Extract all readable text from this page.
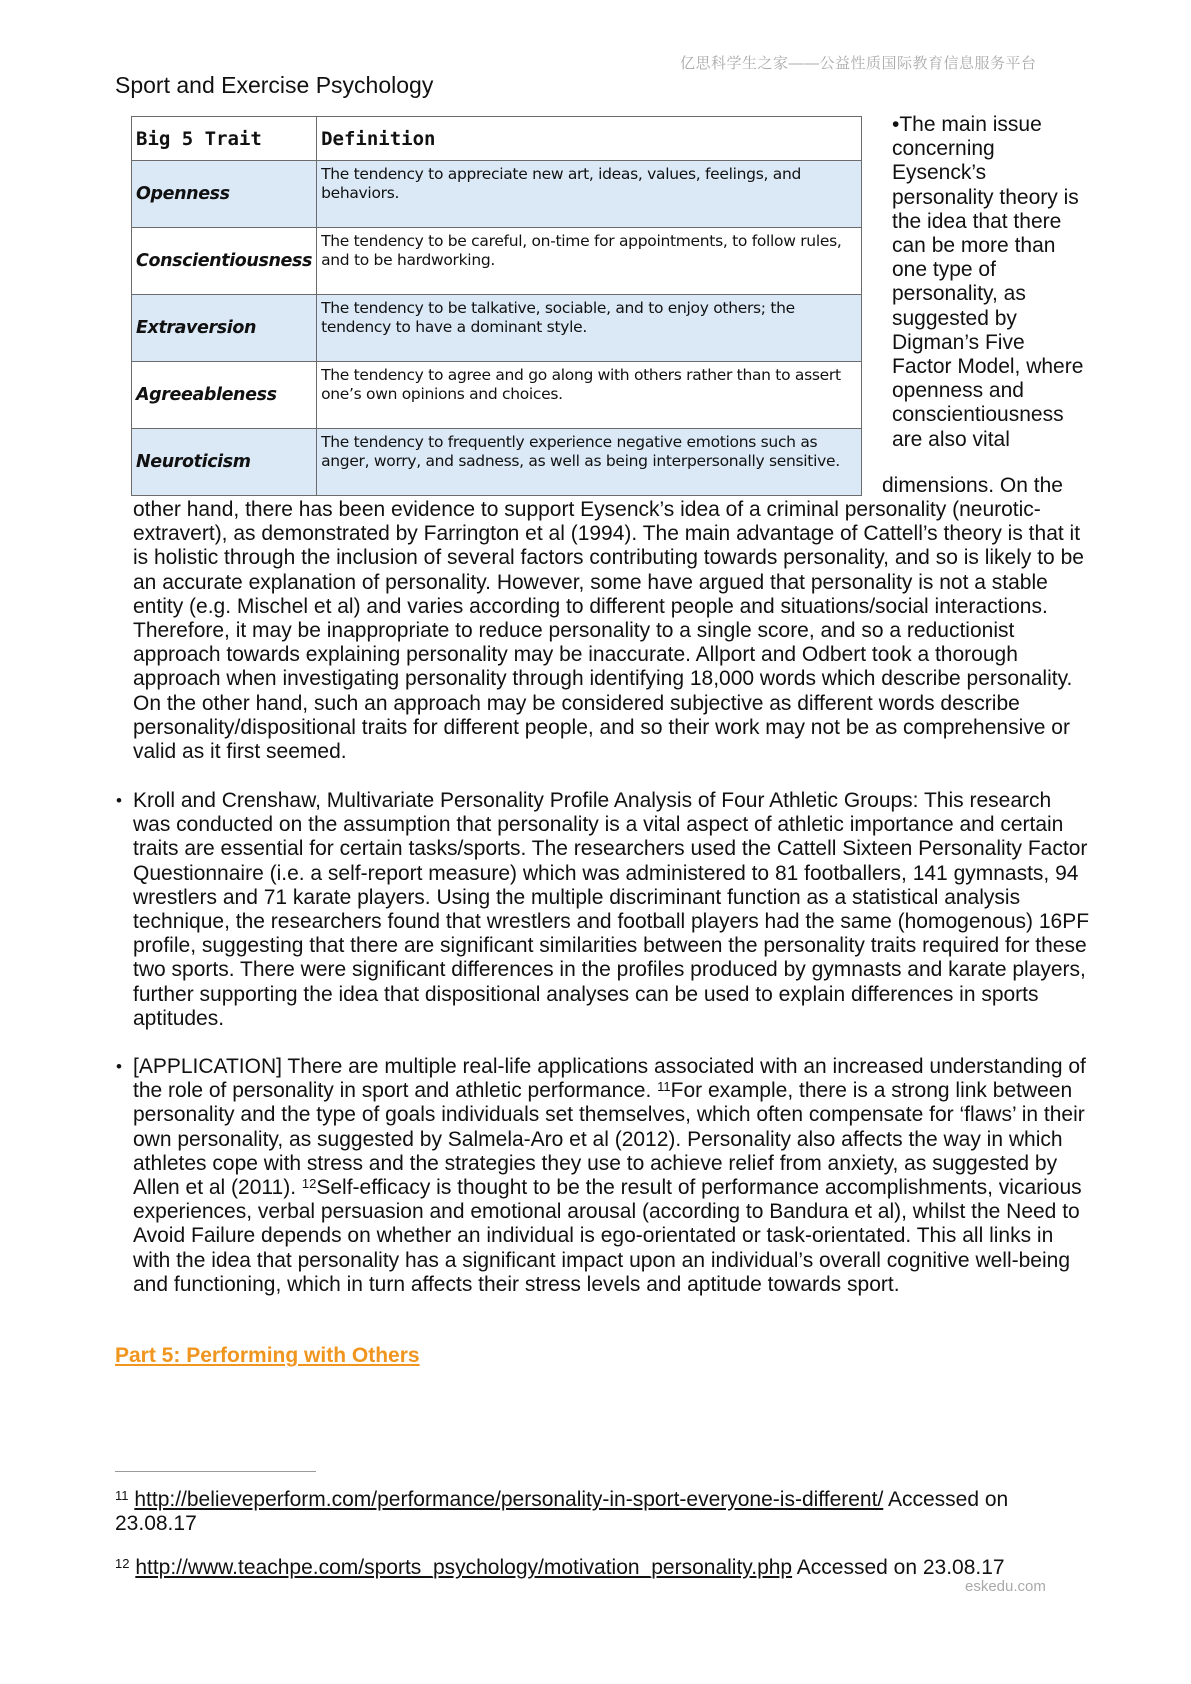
亿思科学生之家——公益性质国际教育信息服务平台
Sport and Exercise Psychology
Big 5 Trait	Definition
Openness	The tendency to appreciate new art, ideas, values, feelings, and behaviors.
Conscientiousness	The tendency to be careful, on-time for appointments, to follow rules, and to be hardworking.
Extraversion	The tendency to be talkative, sociable, and to enjoy others; the tendency to have a dominant style.
Agreeableness	The tendency to agree and go along with others rather than to assert one’s own opinions and choices.
Neuroticism	The tendency to frequently experience negative emotions such as anger, worry, and sadness, as well as being interpersonally sensitive.
•The main issue concerning Eysenck’s personality theory is the idea that there can be more than one type of personality, as suggested by Digman’s Five Factor Model, where openness and conscientiousness are also vital
dimensions. On the
other hand, there has been evidence to support Eysenck’s idea of a criminal personality (neurotic-extravert), as demonstrated by Farrington et al (1994). The main advantage of Cattell’s theory is that it is holistic through the inclusion of several factors contributing towards personality, and so is likely to be an accurate explanation of personality. However, some have argued that personality is not a stable entity (e.g. Mischel et al) and varies according to different people and situations/social interactions. Therefore, it may be inappropriate to reduce personality to a single score, and so a reductionist approach towards explaining personality may be inaccurate. Allport and Odbert took a thorough approach when investigating personality through identifying 18,000 words which describe personality. On the other hand, such an approach may be considered subjective as different words describe personality/dispositional traits for different people, and so their work may not be as comprehensive or valid as it first seemed.
• Kroll and Crenshaw, Multivariate Personality Profile Analysis of Four Athletic Groups: This research was conducted on the assumption that personality is a vital aspect of athletic importance and certain traits are essential for certain tasks/sports. The researchers used the Cattell Sixteen Personality Factor Questionnaire (i.e. a self-report measure) which was administered to 81 footballers, 141 gymnasts, 94 wrestlers and 71 karate players. Using the multiple discriminant function as a statistical analysis technique, the researchers found that wrestlers and football players had the same (homogenous) 16PF profile, suggesting that there are significant similarities between the personality traits required for these two sports. There were significant differences in the profiles produced by gymnasts and karate players, further supporting the idea that dispositional analyses can be used to explain differences in sports aptitudes.
• [APPLICATION] There are multiple real-life applications associated with an increased understanding of the role of personality in sport and athletic performance. $^{11}$For example, there is a strong link between personality and the type of goals individuals set themselves, which often compensate for ‘flaws’ in their own personality, as suggested by Salmela-Aro et al (2012). Personality also affects the way in which athletes cope with stress and the strategies they use to achieve relief from anxiety, as suggested by Allen et al (2011). $^{12}$Self-efficacy is thought to be the result of performance accomplishments, vicarious experiences, verbal persuasion and emotional arousal (according to Bandura et al), whilst the Need to Avoid Failure depends on whether an individual is ego-orientated or task-orientated. This all links in with the idea that personality has a significant impact upon an individual’s overall cognitive well-being and functioning, which in turn affects their stress levels and aptitude towards sport.
Part 5: Performing with Others
$^{11}$ http://believeperform.com/performance/personality-in-sport-everyone-is-different/ Accessed on 23.08.17
$^{12}$ http://www.teachpe.com/sports_psychology/motivation_personality.php Accessed on 23.08.17
eskedu.com
